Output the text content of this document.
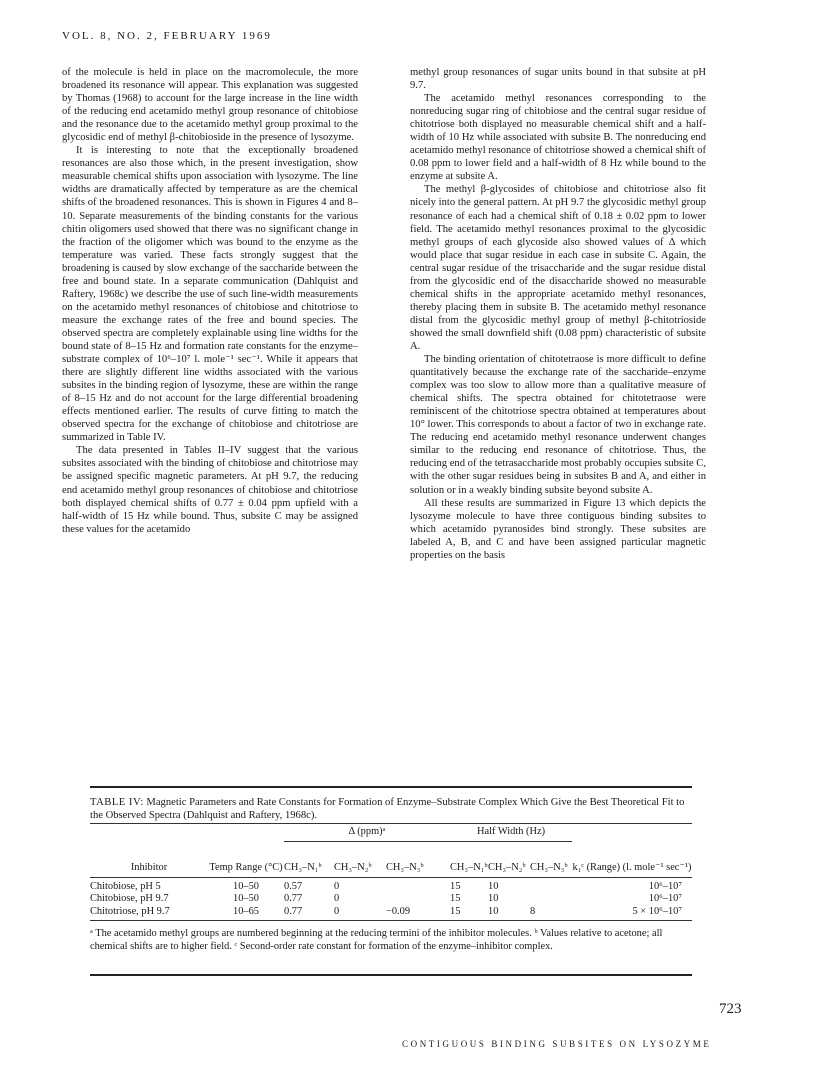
VOL. 8, NO. 2, FEBRUARY 1969

of the molecule is held in place on the macromolecule, the more broadened its resonance will appear. This explanation was suggested by Thomas (1968) to account for the large increase in the line width of the reducing end acetamido methyl group resonance of chitobiose and the resonance due to the acetamido methyl group proximal to the glycosidic end of methyl β-chitobioside in the presence of lysozyme.

It is interesting to note that the exceptionally broadened resonances are also those which, in the present investigation, show measurable chemical shifts upon association with lysozyme. The line widths are dramatically affected by temperature as are the chemical shifts of the broadened resonances. This is shown in Figures 4 and 8–10. Separate measurements of the binding constants for the various chitin oligomers used showed that there was no significant change in the fraction of the oligomer which was bound to the enzyme as the temperature was varied. These facts strongly suggest that the broadening is caused by slow exchange of the saccharide between the free and bound state. In a separate communication (Dahlquist and Raftery, 1968c) we describe the use of such line-width measurements on the acetamido methyl resonances of chitobiose and chitotriose to measure the exchange rates of the free and bound species. The observed spectra are completely explainable using line widths for the bound state of 8–15 Hz and formation rate constants for the enzyme–substrate complex of 10⁶–10⁷ l. mole⁻¹ sec⁻¹. While it appears that there are slightly different line widths associated with the various subsites in the binding region of lysozyme, these are within the range of 8–15 Hz and do not account for the large differential broadening effects mentioned earlier. The results of curve fitting to match the observed spectra for the exchange of chitobiose and chitotriose are summarized in Table IV.

The data presented in Tables II–IV suggest that the various subsites associated with the binding of chitobiose and chitotriose may be assigned specific magnetic parameters. At pH 9.7, the reducing end acetamido methyl group resonances of chitobiose and chitotriose both displayed chemical shifts of 0.77 ± 0.04 ppm upfield with a half-width of 15 Hz while bound. Thus, subsite C may be assigned these values for the acetamido

methyl group resonances of sugar units bound in that subsite at pH 9.7.

The acetamido methyl resonances corresponding to the nonreducing sugar ring of chitobiose and the central sugar residue of chitotriose both displayed no measurable chemical shift and a half-width of 10 Hz while associated with subsite B. The nonreducing end acetamido methyl resonance of chitotriose showed a chemical shift of 0.08 ppm to lower field and a half-width of 8 Hz while bound to the enzyme at subsite A.

The methyl β-glycosides of chitobiose and chitotriose also fit nicely into the general pattern. At pH 9.7 the glycosidic methyl group resonance of each had a chemical shift of 0.18 ± 0.02 ppm to lower field. The acetamido methyl resonances proximal to the glycosidic methyl groups of each glycoside also showed values of Δ which would place that sugar residue in each case in subsite C. Again, the central sugar residue of the trisaccharide and the sugar residue distal from the glycosidic end of the disaccharide showed no measurable chemical shifts in the appropriate acetamido methyl resonances, thereby placing them in subsite B. The acetamido methyl resonance distal from the glycosidic methyl group of methyl β-chitotrioside showed the small downfield shift (0.08 ppm) characteristic of subsite A.

The binding orientation of chitotetraose is more difficult to define quantitatively because the exchange rate of the saccharide–enzyme complex was too slow to allow more than a qualitative measure of chemical shifts. The spectra obtained for chitotetraose were reminiscent of the chitotriose spectra obtained at temperatures about 10° lower. This corresponds to about a factor of two in exchange rate. The reducing end acetamido methyl resonance underwent changes similar to the reducing end resonance of chitotriose. Thus, the reducing end of the tetrasaccharide most probably occupies subsite C, with the other sugar residues being in subsites B and A, and either in solution or in a weakly binding subsite beyond subsite A.

All these results are summarized in Figure 13 which depicts the lysozyme molecule to have three contiguous binding subsites to which acetamido pyranosides bind strongly. These subsites are labeled A, B, and C and have been assigned particular magnetic properties on the basis

TABLE IV: Magnetic Parameters and Rate Constants for Formation of Enzyme–Substrate Complex Which Give the Best Theoretical Fit to the Observed Spectra (Dahlquist and Raftery, 1968c).
		Δ (ppm)ᵃ			Half Width (Hz)			
Inhibitor	Temp Range (°C)	CH₃–N₁ᵇ	CH₃–N₂ᵇ	CH₃–N₃ᵇ	CH₃–N₁ᵇ	CH₃–N₂ᵇ	CH₃–N₃ᵇ	k₁ᶜ (Range) (l. mole⁻¹ sec⁻¹)
Chitobiose, pH 5	10–50	0.57	0		15	10		10⁶–10⁷
Chitobiose, pH 9.7	10–50	0.77	0		15	10		10⁶–10⁷
Chitotriose, pH 9.7	10–65	0.77	0	−0.09	15	10	8	5 × 10⁶–10⁷
ᵃ The acetamido methyl groups are numbered beginning at the reducing termini of the inhibitor molecules. ᵇ Values relative to acetone; all chemical shifts are to higher field. ᶜ Second-order rate constant for formation of the enzyme–inhibitor complex.
723
CONTIGUOUS BINDING SUBSITES ON LYSOZYME
